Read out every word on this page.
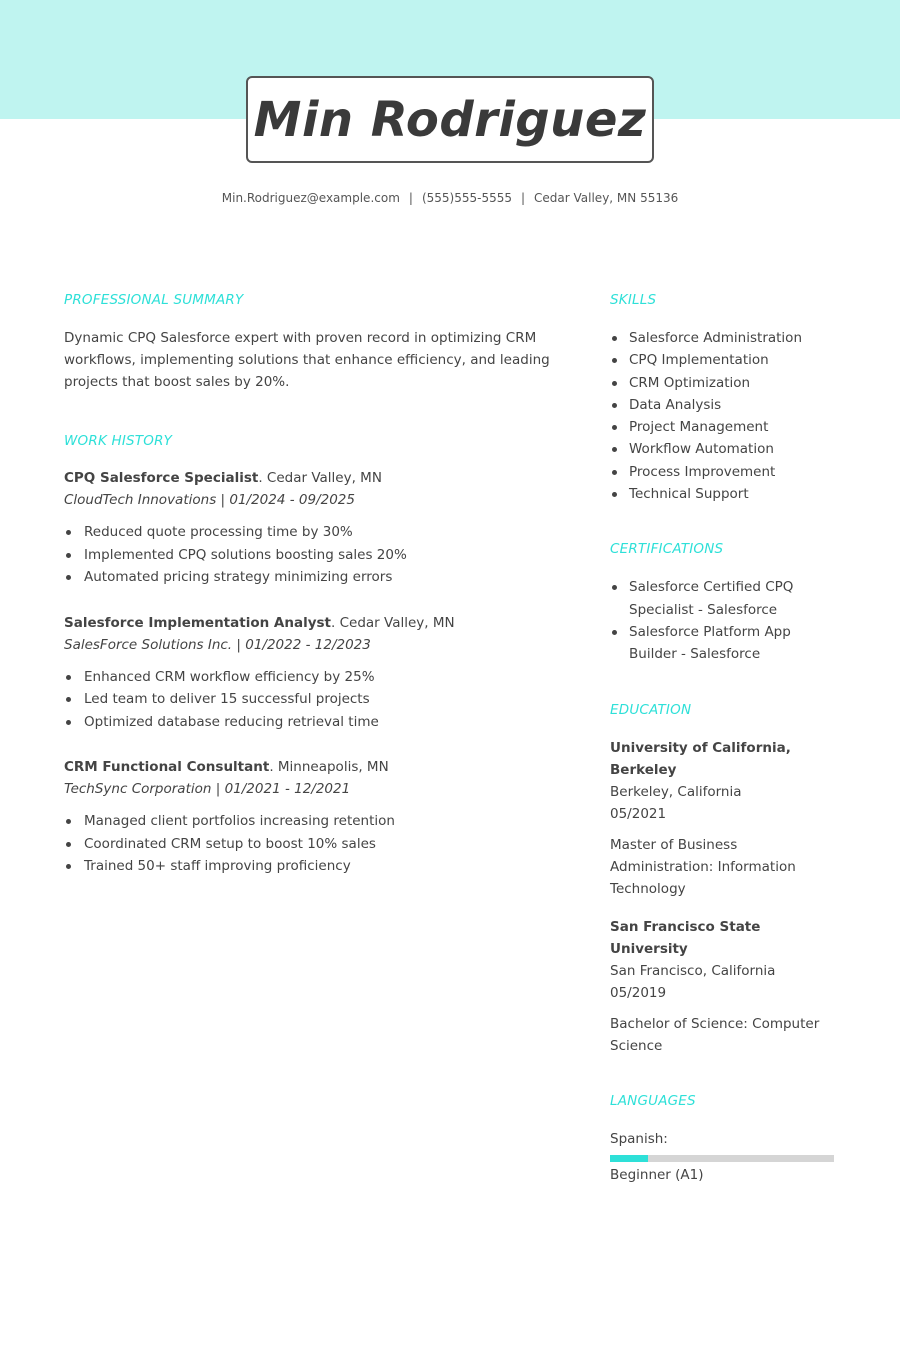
Min Rodriguez
Min.Rodriguez@example.com | (555)555-5555 | Cedar Valley, MN 55136
PROFESSIONAL SUMMARY

Dynamic CPQ Salesforce expert with proven record in optimizing CRM workflows, implementing solutions that enhance efficiency, and leading projects that boost sales by 20%.

WORK HISTORY
CPQ Salesforce Specialist. Cedar Valley, MN
CloudTech Innovations | 01/2024 - 09/2025
Reduced quote processing time by 30%
Implemented CPQ solutions boosting sales 20%
Automated pricing strategy minimizing errors
Salesforce Implementation Analyst. Cedar Valley, MN
SalesForce Solutions Inc. | 01/2022 - 12/2023
Enhanced CRM workflow efficiency by 25%
Led team to deliver 15 successful projects
Optimized database reducing retrieval time
CRM Functional Consultant. Minneapolis, MN
TechSync Corporation | 01/2021 - 12/2021
Managed client portfolios increasing retention
Coordinated CRM setup to boost 10% sales
Trained 50+ staff improving proficiency
SKILLS
Salesforce Administration
CPQ Implementation
CRM Optimization
Data Analysis
Project Management
Workflow Automation
Process Improvement
Technical Support
CERTIFICATIONS
Salesforce Certified CPQ Specialist - Salesforce
Salesforce Platform App Builder - Salesforce
EDUCATION
University of California, Berkeley
Berkeley, California
05/2021
Master of Business Administration: Information Technology
San Francisco State University
San Francisco, California
05/2019
Bachelor of Science: Computer Science
LANGUAGES
Spanish:
Beginner (A1)
